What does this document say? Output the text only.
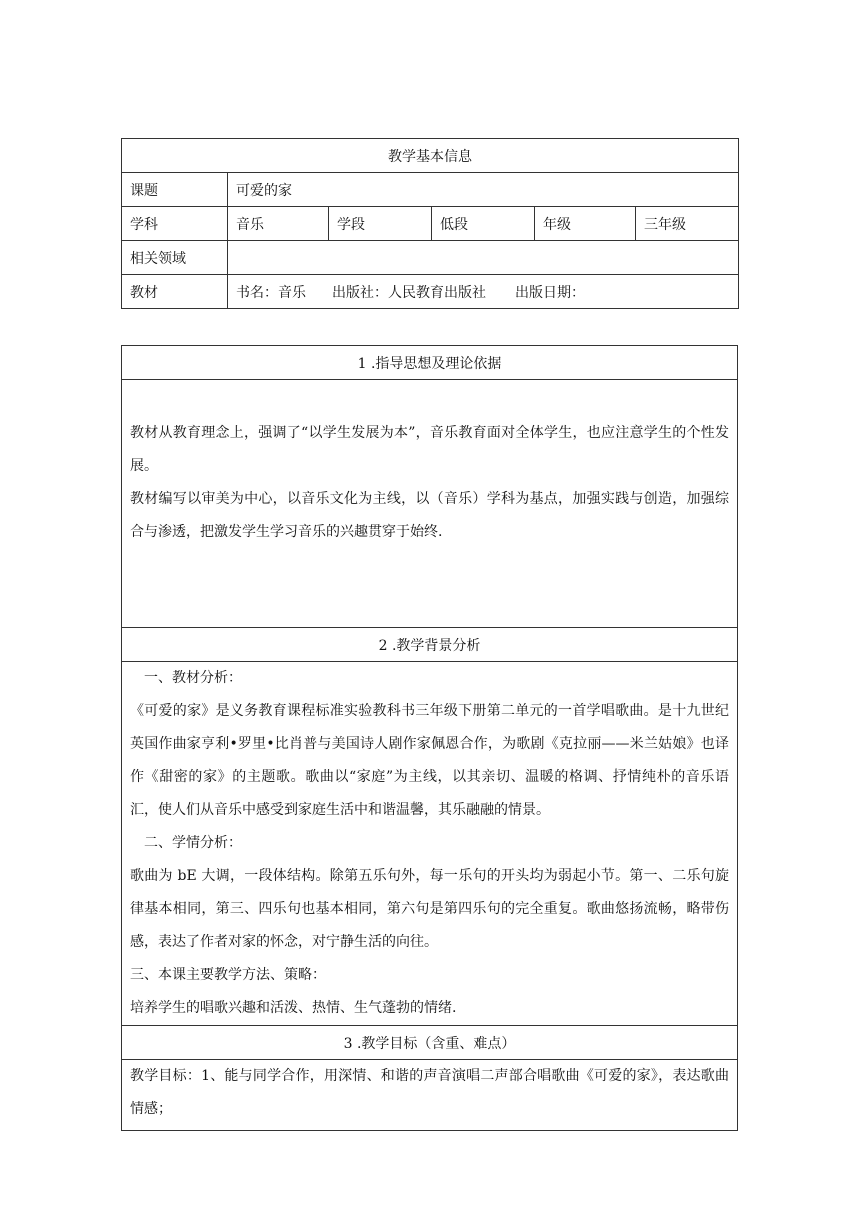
教学基本信息					
课题	可爱的家				
学科	音乐	学段	低段	年级	三年级
相关领域					
教材	书名：音乐 出版社：人民教育出版社 出版日期：				
1 .指导思想及理论依据

教材从教育理念上，强调了“以学生发展为本”，音乐教育面对全体学生，也应注意学生的个性发展。

教材编写以审美为中心，以音乐文化为主线，以（音乐）学科为基点，加强实践与创造，加强综合与渗透，把激发学生学习音乐的兴趣贯穿于始终.

2 .教学背景分析

一、教材分析：

《可爱的家》是义务教育课程标准实验教科书三年级下册第二单元的一首学唱歌曲。是十九世纪英国作曲家亨利•罗里•比肖普与美国诗人剧作家佩恩合作，为歌剧《克拉丽——米兰姑娘》也译作《甜密的家》的主题歌。歌曲以“家庭”为主线，以其亲切、温暖的格调、抒情纯朴的音乐语汇，使人们从音乐中感受到家庭生活中和谐温馨，其乐融融的情景。

二、学情分析：

歌曲为 bE 大调，一段体结构。除第五乐句外，每一乐句的开头均为弱起小节。第一、二乐句旋律基本相同，第三、四乐句也基本相同，第六句是第四乐句的完全重复。歌曲悠扬流畅，略带伤感，表达了作者对家的怀念，对宁静生活的向往。

三、本课主要教学方法、策略：

培养学生的唱歌兴趣和活泼、热情、生气蓬勃的情绪.

3 .教学目标（含重、难点）

教学目标：1、能与同学合作，用深情、和谐的声音演唱二声部合唱歌曲《可爱的家》，表达歌曲情感；
